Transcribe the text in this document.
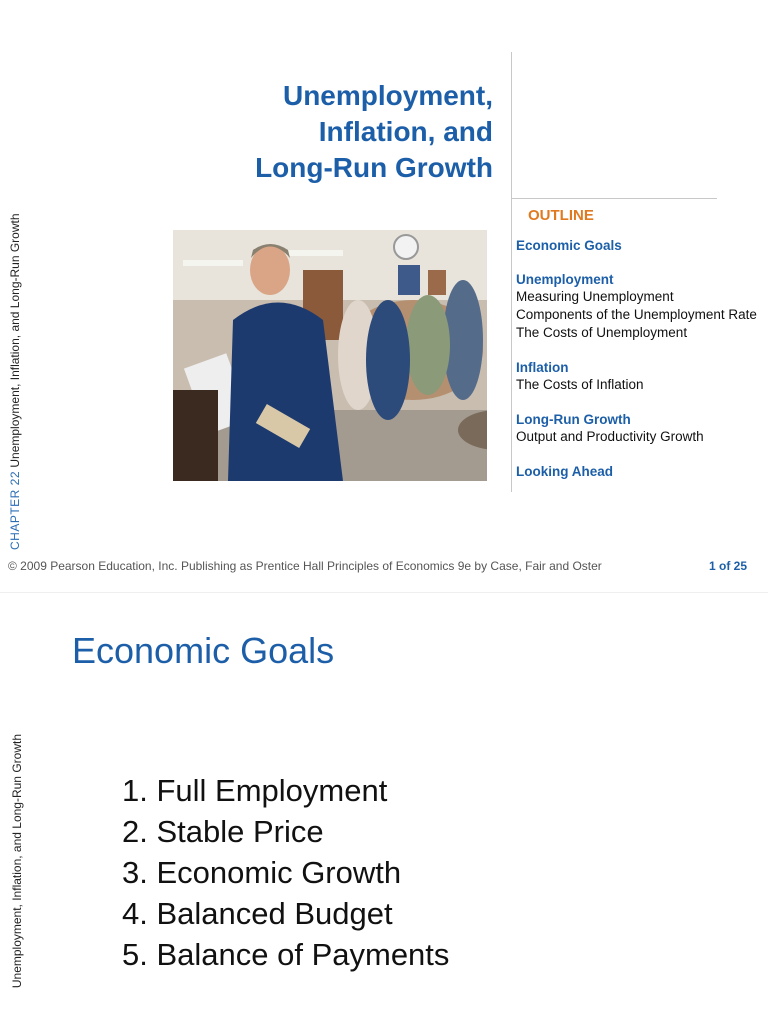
CHAPTER 22 Unemployment, Inflation, and Long-Run Growth
Unemployment,
Inflation, and
Long-Run Growth
OUTLINE
Economic Goals
Unemployment
Measuring Unemployment
Components of the Unemployment Rate
The Costs of Unemployment
Inflation
The Costs of Inflation
Long-Run Growth
Output and Productivity Growth
Looking Ahead
© 2009 Pearson Education, Inc. Publishing as Prentice Hall Principles of Economics 9e by Case, Fair and Oster	1 of 25
Unemployment, Inflation, and Long-Run Growth
Economic Goals
1. Full Employment
2. Stable Price
3. Economic Growth
4. Balanced Budget
5. Balance of Payments
